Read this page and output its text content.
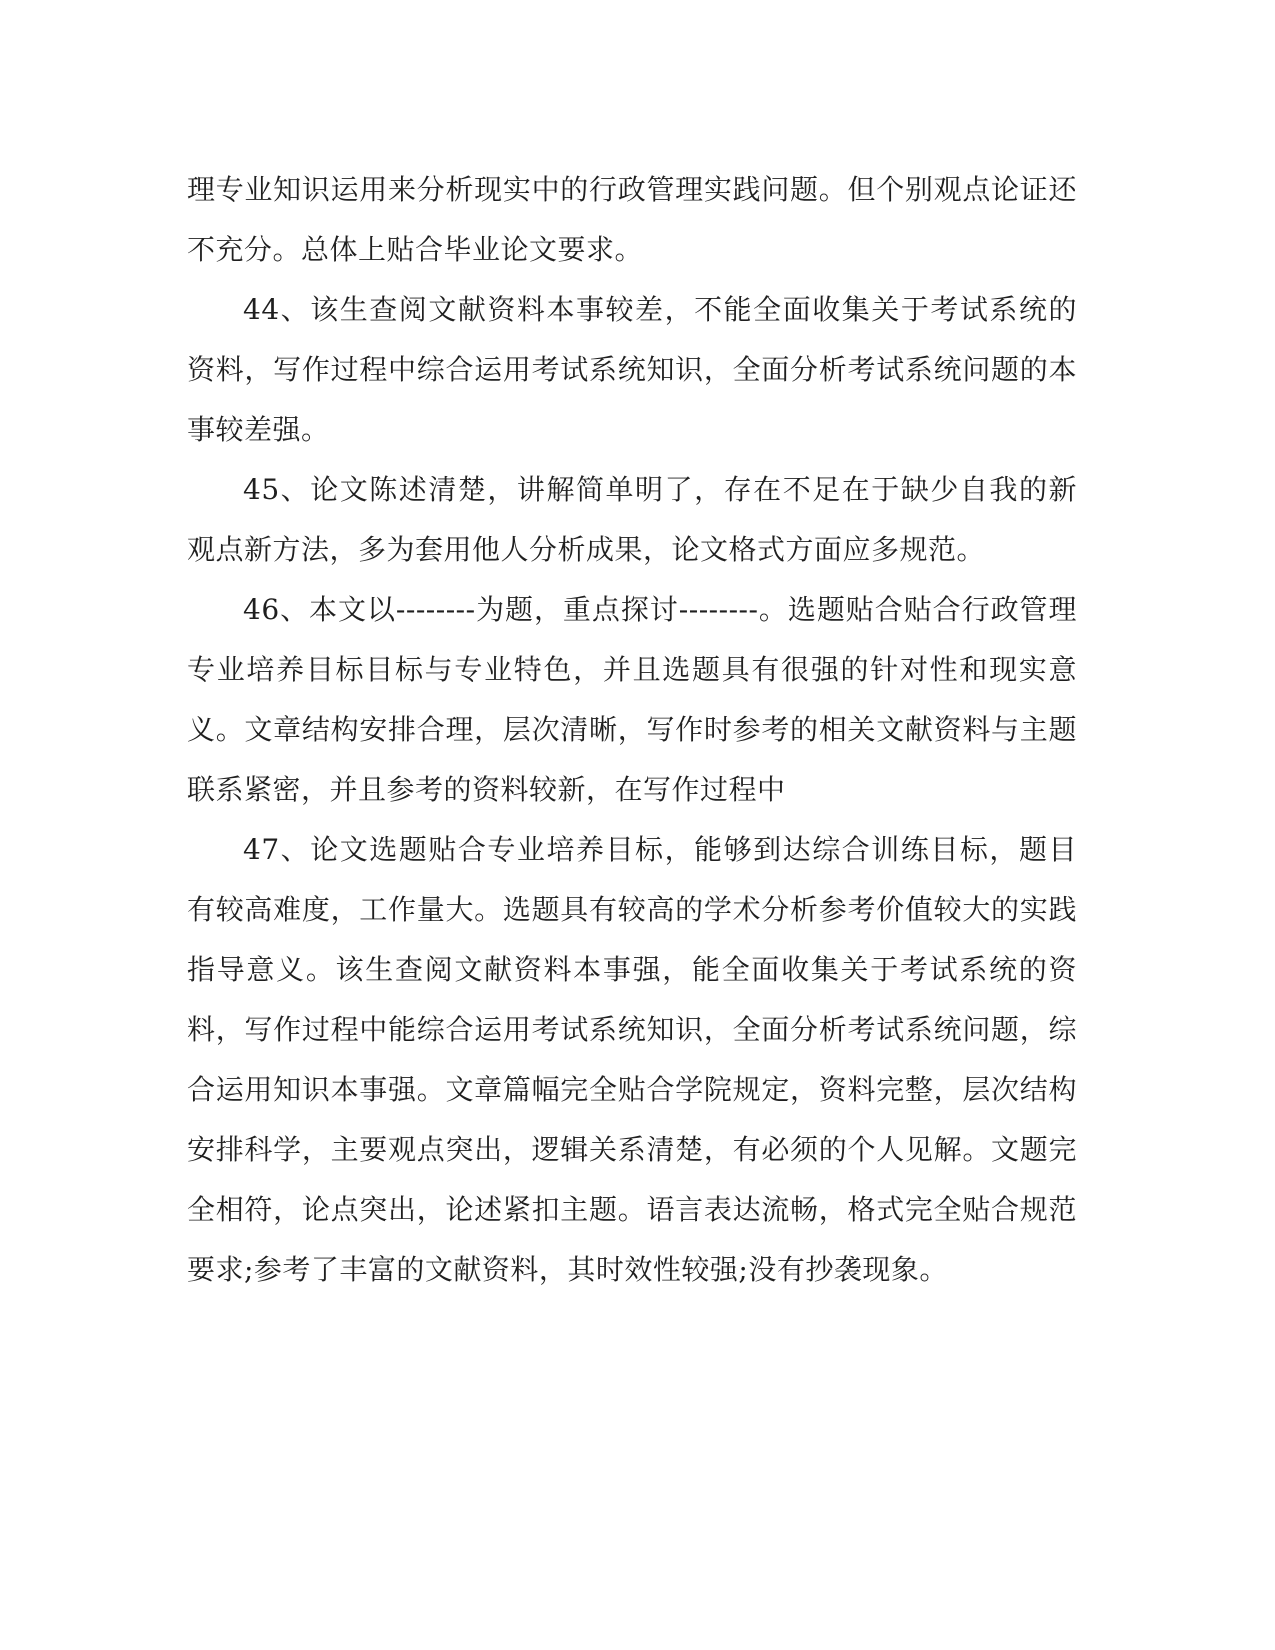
理专业知识运用来分析现实中的行政管理实践问题。但个别观点论证还不充分。总体上贴合毕业论文要求。

44、该生查阅文献资料本事较差，不能全面收集关于考试系统的资料，写作过程中综合运用考试系统知识，全面分析考试系统问题的本事较差强。

45、论文陈述清楚，讲解简单明了，存在不足在于缺少自我的新观点新方法，多为套用他人分析成果，论文格式方面应多规范。

46、本文以--------为题，重点探讨--------。选题贴合贴合行政管理专业培养目标目标与专业特色，并且选题具有很强的针对性和现实意义。文章结构安排合理，层次清晰，写作时参考的相关文献资料与主题联系紧密，并且参考的资料较新，在写作过程中

47、论文选题贴合专业培养目标，能够到达综合训练目标，题目有较高难度，工作量大。选题具有较高的学术分析参考价值较大的实践指导意义。该生查阅文献资料本事强，能全面收集关于考试系统的资料，写作过程中能综合运用考试系统知识，全面分析考试系统问题，综合运用知识本事强。文章篇幅完全贴合学院规定，资料完整，层次结构安排科学，主要观点突出，逻辑关系清楚，有必须的个人见解。文题完全相符，论点突出，论述紧扣主题。语言表达流畅，格式完全贴合规范要求;参考了丰富的文献资料，其时效性较强;没有抄袭现象。
